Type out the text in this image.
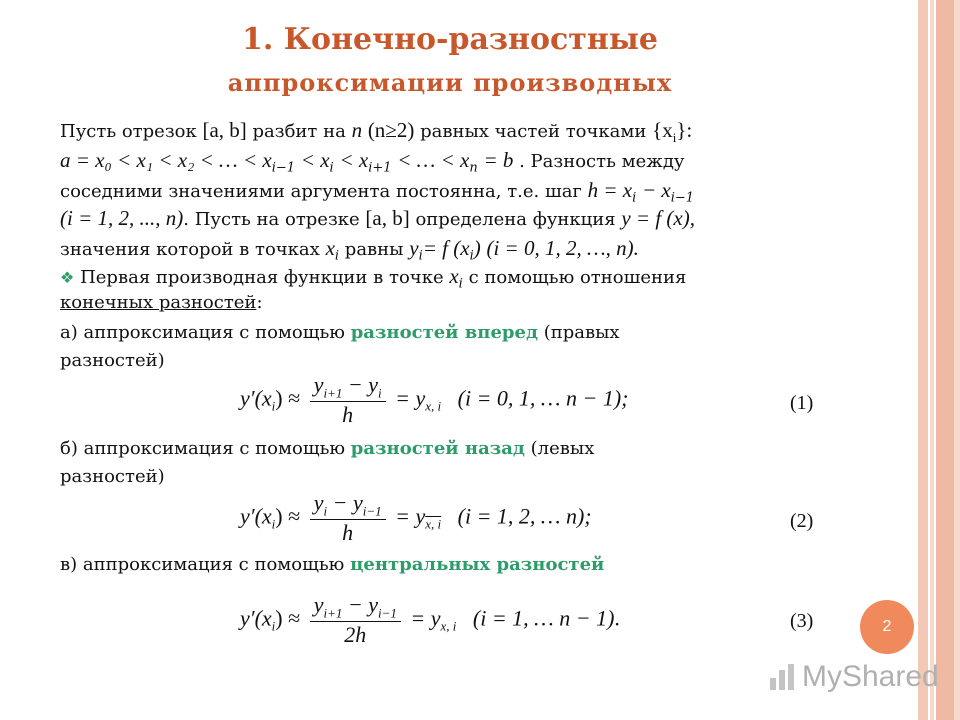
1. Конечно-разностные
аппроксимации производных
Пусть отрезок [a, b] разбит на n (n≥2) равных частей точками $\{x_i\}$:
a = x₀ < x₁ < x₂ < … < $x_{i-1} < x_i < x_{i+1}$ < … < $x_n = b$ . Разность между
соседними значениями аргумента постоянна, т.е. шаг $h = x_i - x_{i-1}$
(i = 1, 2, ..., n). Пусть на отрезке [a, b] определена функция y = f (x),
значения которой в точках $x_i$ равны $y_i= f$ $(x_i) (i = 0$, 1, 2, …, n).
❖ Первая производная функции в точке $x_i$ с помощью отношения
конечных разностей:
а) аппроксимация с помощью разностей вперед (правых
разностей)
$y'(x_i) \approx \frac{y_{i+1} - y_i}{h} = y_{x, i}$ (i = 0, 1, … n − 1);	(1)
б) аппроксимация с помощью разностей назад (левых
разностей)
$y'(x_i) \approx \frac{y_i - y_{i-1}}{h} = y_{x, i}$ (i = 1, 2, … n);	(2)
в) аппроксимация с помощью центральных разностей
$y'(x_i) \approx \frac{y_{i+1} - y_{i-1}}{2h} = y_{x, i}$ (i = 1, … n − 1).	(3)	2
MyShared
